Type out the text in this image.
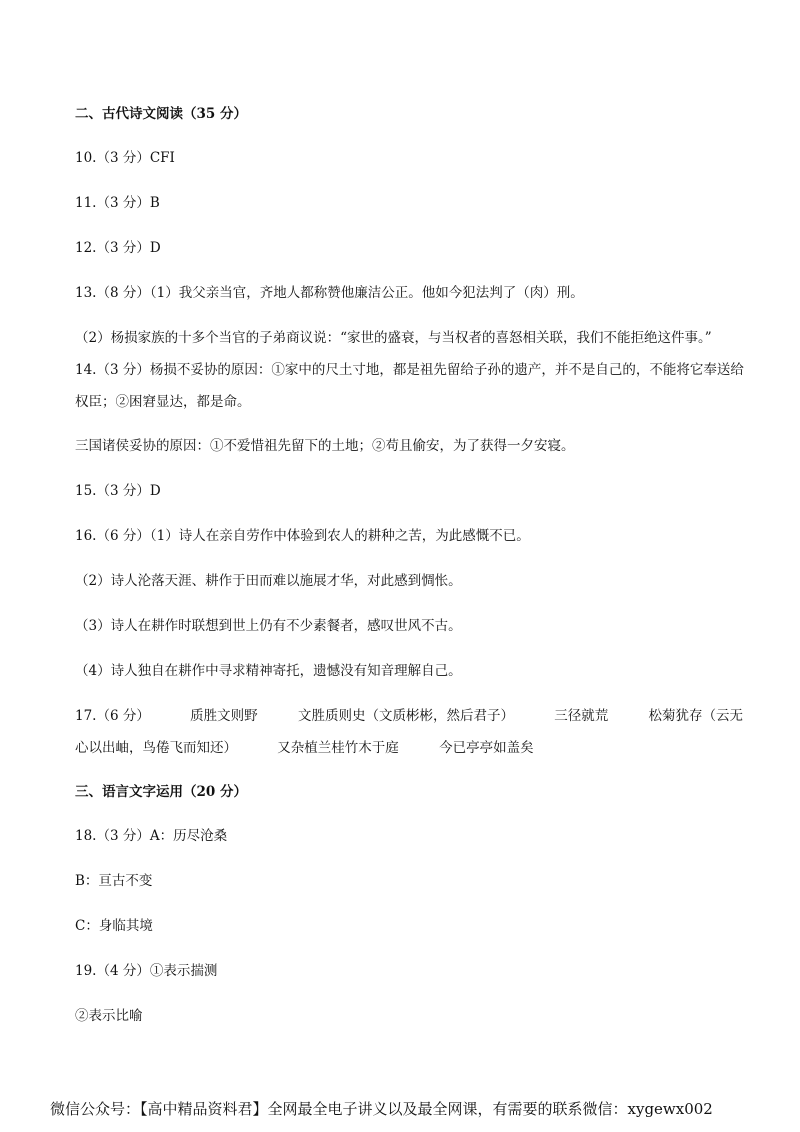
二、古代诗文阅读（35 分）
10.（3 分）CFI
11.（3 分）B
12.（3 分）D
13.（8 分）（1）我父亲当官，齐地人都称赞他廉洁公正。他如今犯法判了（肉）刑。
（2）杨损家族的十多个当官的子弟商议说：“家世的盛衰，与当权者的喜怒相关联，我们不能拒绝这件事。”　 14.（3 分）杨损不妥协的原因：①家中的尺土寸地，都是祖先留给子孙的遗产，并不是自己的，不能将它奉送给权臣；②困窘显达，都是命。
三国诸侯妥协的原因：①不爱惜祖先留下的土地；②苟且偷安，为了获得一夕安寝。
15.（3 分）D
16.（6 分）（1）诗人在亲自劳作中体验到农人的耕种之苦，为此感慨不已。
（2）诗人沦落天涯、耕作于田而难以施展才华，对此感到惆怅。
（3）诗人在耕作时联想到世上仍有不少素餐者，感叹世风不古。
（4）诗人独自在耕作中寻求精神寄托，遗憾没有知音理解自己。
17.（6 分）	质胜文则野	文胜质则史（文质彬彬，然后君子）	三径就荒	松菊犹存（云无心以出岫，鸟倦飞而知还）	又杂植兰桂竹木于庭	今已亭亭如盖矣
三、语言文字运用（20 分）
18.（3 分）A：历尽沧桑
B：亘古不变
C：身临其境
19.（4 分）①表示揣测
②表示比喻
微信公众号：【高中精品资料君】全网最全电子讲义以及最全网课，有需要的联系微信：xygewx002
